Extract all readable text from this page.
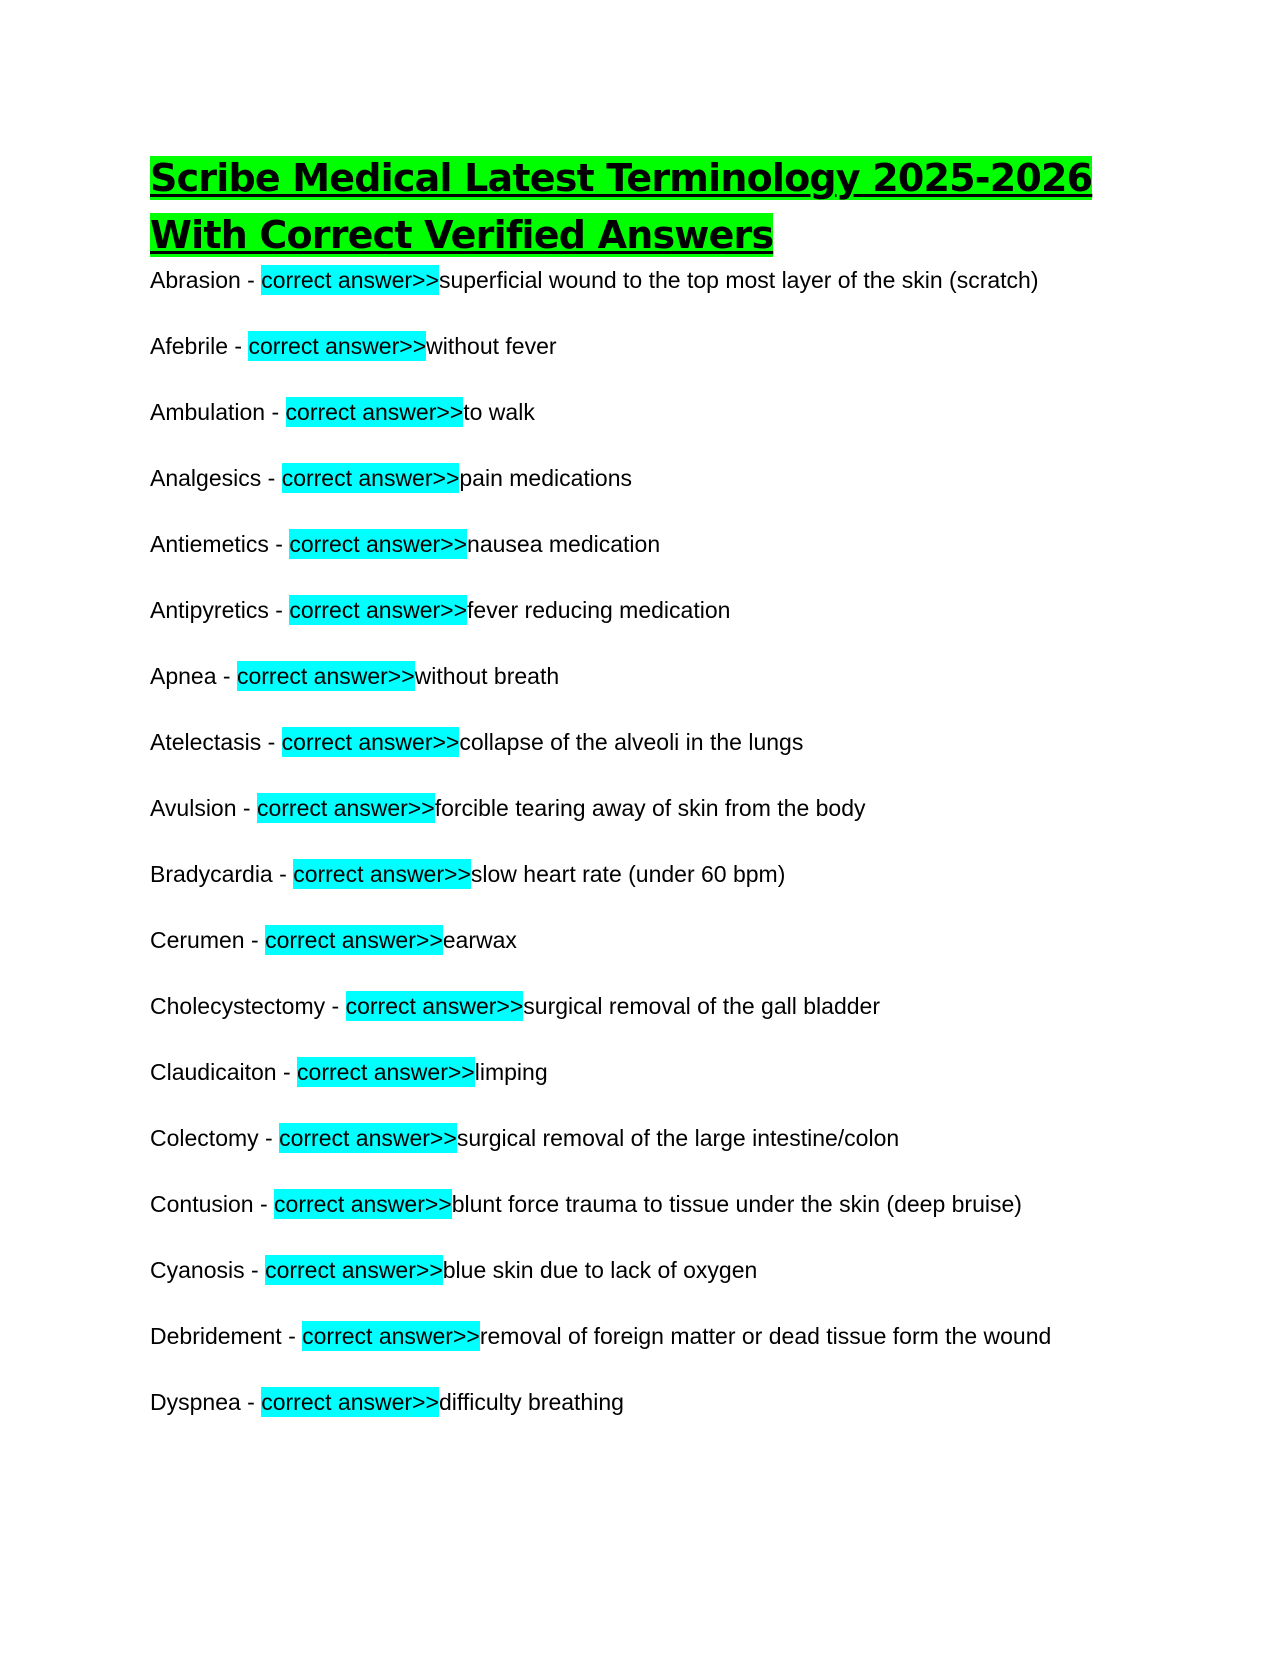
Scribe Medical Latest Terminology 2025-2026
With Correct Verified Answers
Abrasion - correct answer>>superficial wound to the top most layer of the skin (scratch)
Afebrile - correct answer>>without fever
Ambulation - correct answer>>to walk
Analgesics - correct answer>>pain medications
Antiemetics - correct answer>>nausea medication
Antipyretics - correct answer>>fever reducing medication
Apnea - correct answer>>without breath
Atelectasis - correct answer>>collapse of the alveoli in the lungs
Avulsion - correct answer>>forcible tearing away of skin from the body
Bradycardia - correct answer>>slow heart rate (under 60 bpm)
Cerumen - correct answer>>earwax
Cholecystectomy - correct answer>>surgical removal of the gall bladder
Claudicaiton - correct answer>>limping
Colectomy - correct answer>>surgical removal of the large intestine/colon
Contusion - correct answer>>blunt force trauma to tissue under the skin (deep bruise)
Cyanosis - correct answer>>blue skin due to lack of oxygen
Debridement - correct answer>>removal of foreign matter or dead tissue form the wound
Dyspnea - correct answer>>difficulty breathing
